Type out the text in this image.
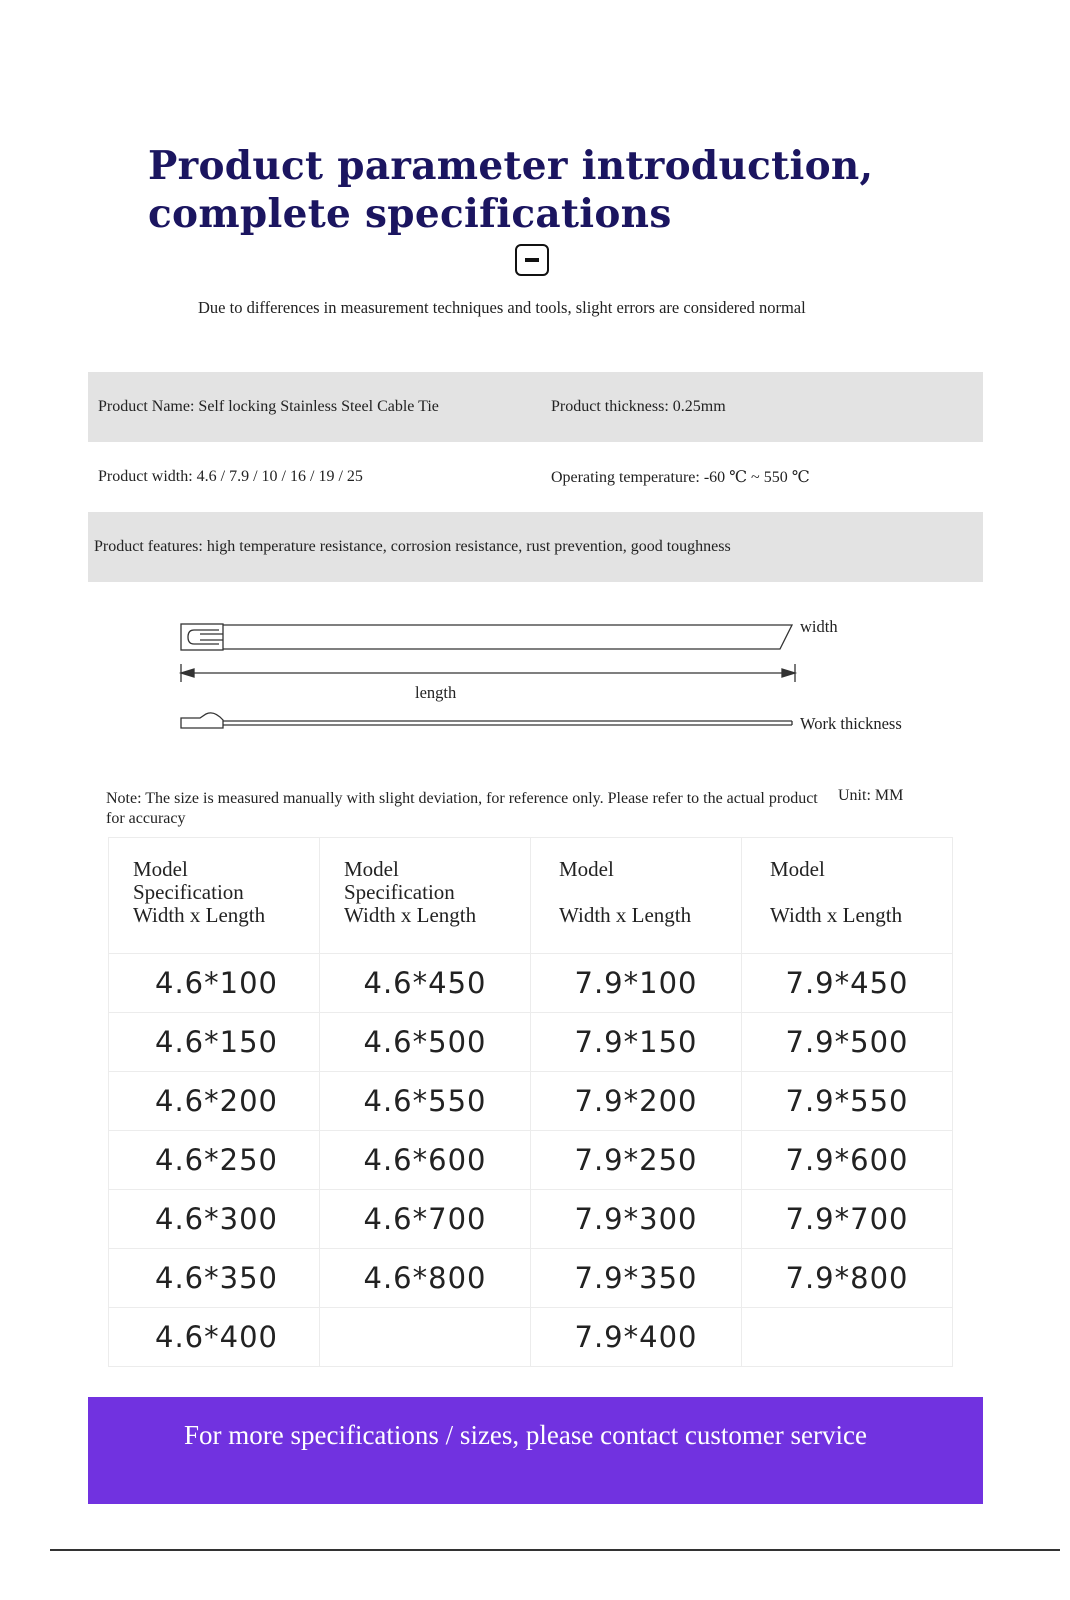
Product parameter introduction,
complete specifications
Due to differences in measurement techniques and tools, slight errors are considered normal
Product Name: Self locking Stainless Steel Cable Tie	Product thickness: 0.25mm
Product width: 4.6 / 7.9 / 10 / 16 / 19 / 25	Operating temperature: -60 ℃ ~ 550 ℃
Product features: high temperature resistance, corrosion resistance, rust prevention, good toughness
width
length
Work thickness
Note: The size is measured manually with slight deviation, for reference only. Please refer to the actual product for accuracy
Unit: MM
Model
Specification
Width x Length	Model
Specification
Width x Length	Model
Width x Length	Model
Width x Length

4.6*100	4.6*450	7.9*100	7.9*450
4.6*150	4.6*500	7.9*150	7.9*500
4.6*200	4.6*550	7.9*200	7.9*550
4.6*250	4.6*600	7.9*250	7.9*600
4.6*300	4.6*700	7.9*300	7.9*700
4.6*350	4.6*800	7.9*350	7.9*800
4.6*400		7.9*400	

For more specifications / sizes, please contact customer service
